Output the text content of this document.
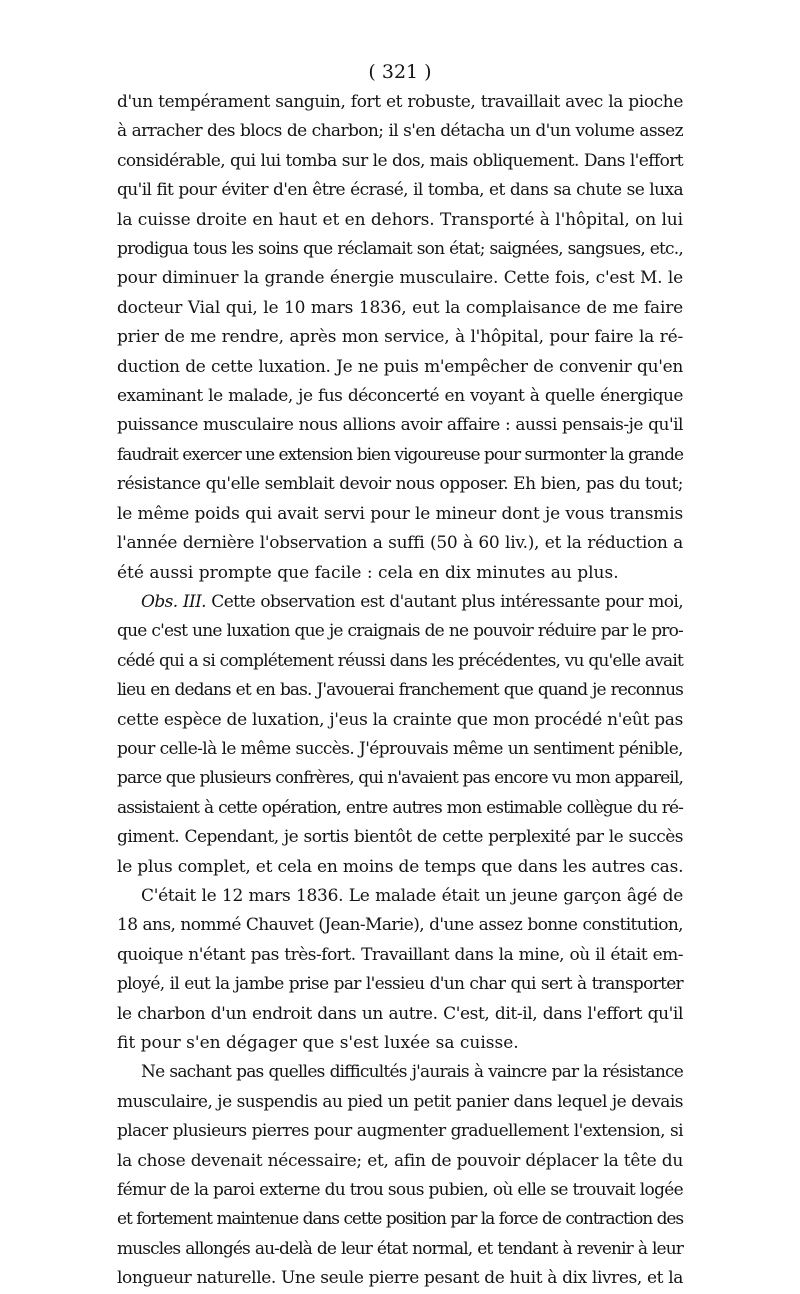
( 321 )
d'un tempérament sanguin, fort et robuste, travaillait avec la pioche
à arracher des blocs de charbon; il s'en détacha un d'un volume assez
considérable, qui lui tomba sur le dos, mais obliquement. Dans l'effort
qu'il fit pour éviter d'en être écrasé, il tomba, et dans sa chute se luxa
la cuisse droite en haut et en dehors. Transporté à l'hôpital, on lui
prodigua tous les soins que réclamait son état; saignées, sangsues, etc.,
pour diminuer la grande énergie musculaire. Cette fois, c'est M. le
docteur Vial qui, le 10 mars 1836, eut la complaisance de me faire
prier de me rendre, après mon service, à l'hôpital, pour faire la ré-
duction de cette luxation. Je ne puis m'empêcher de convenir qu'en
examinant le malade, je fus déconcerté en voyant à quelle énergique
puissance musculaire nous allions avoir affaire : aussi pensais-je qu'il
faudrait exercer une extension bien vigoureuse pour surmonter la grande
résistance qu'elle semblait devoir nous opposer. Eh bien, pas du tout;
le même poids qui avait servi pour le mineur dont je vous transmis
l'année dernière l'observation a suffi (50 à 60 liv.), et la réduction a
été aussi prompte que facile : cela en dix minutes au plus.
Obs. III. Cette observation est d'autant plus intéressante pour moi,
que c'est une luxation que je craignais de ne pouvoir réduire par le pro-
cédé qui a si complétement réussi dans les précédentes, vu qu'elle avait
lieu en dedans et en bas. J'avouerai franchement que quand je reconnus
cette espèce de luxation, j'eus la crainte que mon procédé n'eût pas
pour celle-là le même succès. J'éprouvais même un sentiment pénible,
parce que plusieurs confrères, qui n'avaient pas encore vu mon appareil,
assistaient à cette opération, entre autres mon estimable collègue du ré-
giment. Cependant, je sortis bientôt de cette perplexité par le succès
le plus complet, et cela en moins de temps que dans les autres cas.
C'était le 12 mars 1836. Le malade était un jeune garçon âgé de
18 ans, nommé Chauvet (Jean-Marie), d'une assez bonne constitution,
quoique n'étant pas très-fort. Travaillant dans la mine, où il était em-
ployé, il eut la jambe prise par l'essieu d'un char qui sert à transporter
le charbon d'un endroit dans un autre. C'est, dit-il, dans l'effort qu'il
fit pour s'en dégager que s'est luxée sa cuisse.
Ne sachant pas quelles difficultés j'aurais à vaincre par la résistance
musculaire, je suspendis au pied un petit panier dans lequel je devais
placer plusieurs pierres pour augmenter graduellement l'extension, si
la chose devenait nécessaire; et, afin de pouvoir déplacer la tête du
fémur de la paroi externe du trou sous pubien, où elle se trouvait logée
et fortement maintenue dans cette position par la force de contraction des
muscles allongés au-delà de leur état normal, et tendant à revenir à leur
longueur naturelle. Une seule pierre pesant de huit à dix livres, et la
